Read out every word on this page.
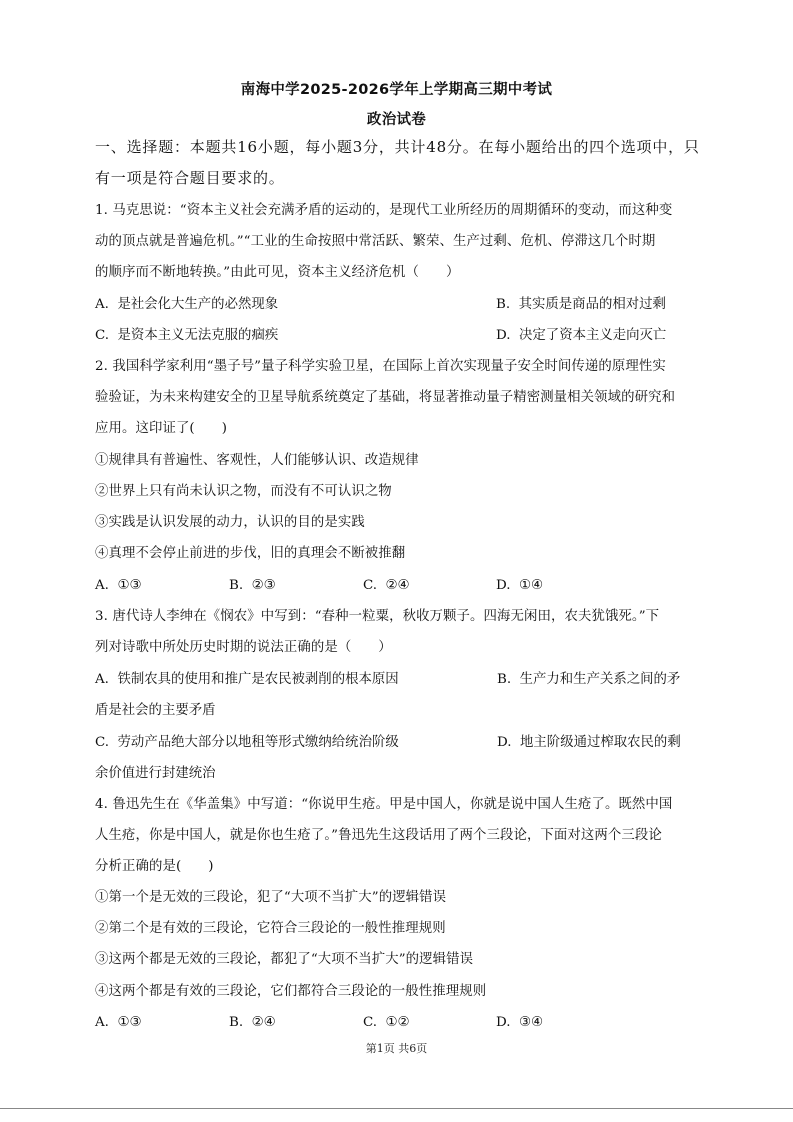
南海中学2025-2026学年上学期高三期中考试
政治试卷
一、选择题：本题共16小题，每小题3分，共计48分。在每小题给出的四个选项中，只有一项是符合题目要求的。
1. 马克思说：“资本主义社会充满矛盾的运动的，是现代工业所经历的周期循环的变动，而这种变
动的顶点就是普遍危机。”“工业的生命按照中常活跃、繁荣、生产过剩、危机、停滞这几个时期
的顺序而不断地转换。”由此可见，资本主义经济危机（　　）
A. 是社会化大生产的必然现象	B. 其实质是商品的相对过剩
C. 是资本主义无法克服的痼疾	D. 决定了资本主义走向灭亡
2. 我国科学家利用“墨子号”量子科学实验卫星，在国际上首次实现量子安全时间传递的原理性实
验验证，为未来构建安全的卫星导航系统奠定了基础，将显著推动量子精密测量相关领域的研究和
应用。这印证了(　　)
①规律具有普遍性、客观性，人们能够认识、改造规律
②世界上只有尚未认识之物，而没有不可认识之物
③实践是认识发展的动力，认识的目的是实践
④真理不会停止前进的步伐，旧的真理会不断被推翻
A. ①③	B. ②③	C. ②④	D. ①④
3. 唐代诗人李绅在《悯农》中写到：“春种一粒粟，秋收万颗子。四海无闲田，农夫犹饿死。”下
列对诗歌中所处历史时期的说法正确的是（　　）
A. 铁制农具的使用和推广是农民被剥削的根本原因	B. 生产力和生产关系之间的矛
盾是社会的主要矛盾
C. 劳动产品绝大部分以地租等形式缴纳给统治阶级	D. 地主阶级通过榨取农民的剩
余价值进行封建统治
4. 鲁迅先生在《华盖集》中写道：“你说甲生疮。甲是中国人，你就是说中国人生疮了。既然中国
人生疮，你是中国人，就是你也生疮了。”鲁迅先生这段话用了两个三段论，下面对这两个三段论
分析正确的是(　　)
①第一个是无效的三段论，犯了“大项不当扩大”的逻辑错误
②第二个是有效的三段论，它符合三段论的一般性推理规则
③这两个都是无效的三段论，都犯了“大项不当扩大”的逻辑错误
④这两个都是有效的三段论，它们都符合三段论的一般性推理规则
A. ①③	B. ②④	C. ①②	D. ③④
第1页 共6页
